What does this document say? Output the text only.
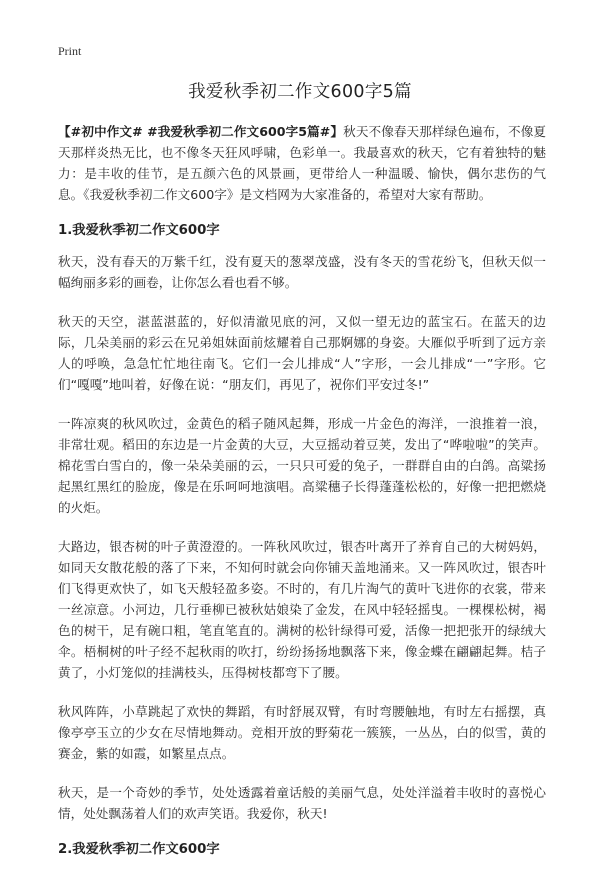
Print
我爱秋季初二作文600字5篇

【#初中作文# #我爱秋季初二作文600字5篇#】秋天不像春天那样绿色遍布，不像夏天那样炎热无比，也不像冬天狂风呼啸，色彩单一。我最喜欢的秋天，它有着独特的魅力：是丰收的佳节，是五颜六色的风景画，更带给人一种温暖、愉快，偶尔悲伤的气息。《我爱秋季初二作文600字》是文档网为大家准备的，希望对大家有帮助。

1.我爱秋季初二作文600字

秋天，没有春天的万紫千红，没有夏天的葱翠茂盛，没有冬天的雪花纷飞，但秋天似一幅绚丽多彩的画卷，让你怎么看也看不够。

秋天的天空，湛蓝湛蓝的，好似清澈见底的河，又似一望无边的蓝宝石。在蓝天的边际，几朵美丽的彩云在兄弟姐妹面前炫耀着自己那婀娜的身姿。大雁似乎听到了远方亲人的呼唤，急急忙忙地往南飞。它们一会儿排成“人”字形，一会儿排成“一”字形。它们“嘎嘎”地叫着，好像在说：“朋友们，再见了，祝你们平安过冬!”

一阵凉爽的秋风吹过，金黄色的稻子随风起舞，形成一片金色的海洋，一浪推着一浪，非常壮观。稻田的东边是一片金黄的大豆，大豆摇动着豆荚，发出了“哗啦啦”的笑声。棉花雪白雪白的，像一朵朵美丽的云，一只只可爱的兔子，一群群自由的白鸽。高粱扬起黑红黑红的脸庞，像是在乐呵呵地演唱。高粱穗子长得蓬蓬松松的，好像一把把燃烧的火炬。

大路边，银杏树的叶子黄澄澄的。一阵秋风吹过，银杏叶离开了养育自己的大树妈妈，如同天女散花般的落了下来，不知何时就会向你铺天盖地涌来。又一阵风吹过，银杏叶们飞得更欢快了，如飞天般轻盈多姿。不时的，有几片淘气的黄叶飞进你的衣裳，带来一丝凉意。小河边，几行垂柳已被秋姑娘染了金发，在风中轻轻摇曳。一棵棵松树，褐色的树干，足有碗口粗，笔直笔直的。满树的松针绿得可爱，活像一把把张开的绿绒大伞。梧桐树的叶子经不起秋雨的吹打，纷纷扬扬地飘落下来，像金蝶在翩翩起舞。桔子黄了，小灯笼似的挂满枝头，压得树枝都弯下了腰。

秋风阵阵，小草跳起了欢快的舞蹈，有时舒展双臂，有时弯腰触地，有时左右摇摆，真像亭亭玉立的少女在尽情地舞动。竞相开放的野菊花一簇簇，一丛丛，白的似雪，黄的赛金，紫的如霞，如繁星点点。

秋天，是一个奇妙的季节，处处透露着童话般的美丽气息，处处洋溢着丰收时的喜悦心情，处处飘荡着人们的欢声笑语。我爱你，秋天!

2.我爱秋季初二作文600字
